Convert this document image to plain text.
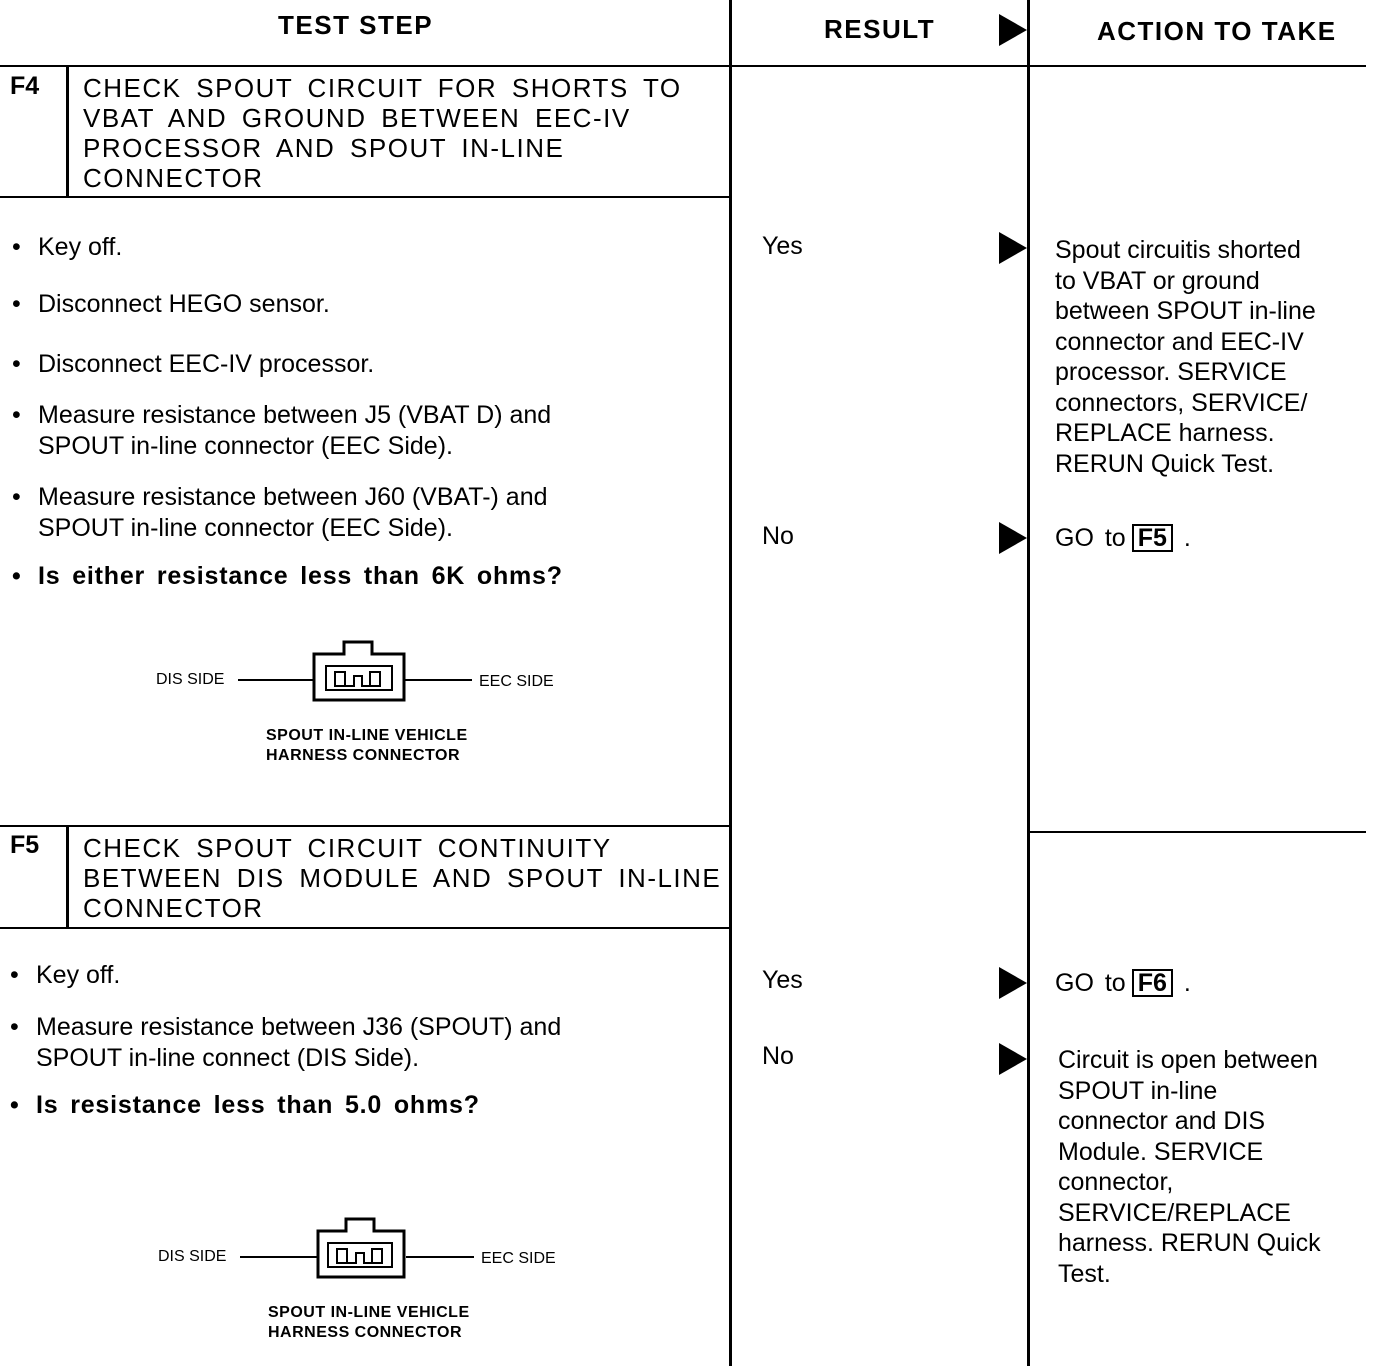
TEST STEP	RESULT	ACTION TO TAKE
F4 CHECK SPOUT CIRCUIT FOR SHORTS TO
VBAT AND GROUND BETWEEN EEC-IV
PROCESSOR AND SPOUT IN-LINE
CONNECTOR
• Key off.
• Disconnect HEGO sensor.
• Disconnect EEC-IV processor.
• Measure resistance between J5 (VBAT D) and
SPOUT in-line connector (EEC Side).
• Measure resistance between J60 (VBAT-) and
SPOUT in-line connector (EEC Side).
• Is either resistance less than 6K ohms?
DIS SIDE	EEC SIDE
SPOUT IN-LINE VEHICLE
HARNESS CONNECTOR
Yes	Spout circuitis shorted
to VBAT or ground
between SPOUT in-line
connector and EEC-IV
processor. SERVICE
connectors, SERVICE/
REPLACE harness.
RERUN Quick Test.
No	GO to F5 .
F5 CHECK SPOUT CIRCUIT CONTINUITY
BETWEEN DIS MODULE AND SPOUT IN-LINE
CONNECTOR
• Key off.
• Measure resistance between J36 (SPOUT) and
SPOUT in-line connect (DIS Side).
• Is resistance less than 5.0 ohms?
DIS SIDE	EEC SIDE
SPOUT IN-LINE VEHICLE
HARNESS CONNECTOR
Yes	GO to F6 .
No	Circuit is open between
SPOUT in-line
connector and DIS
Module. SERVICE
connector,
SERVICE/REPLACE
harness. RERUN Quick
Test.
